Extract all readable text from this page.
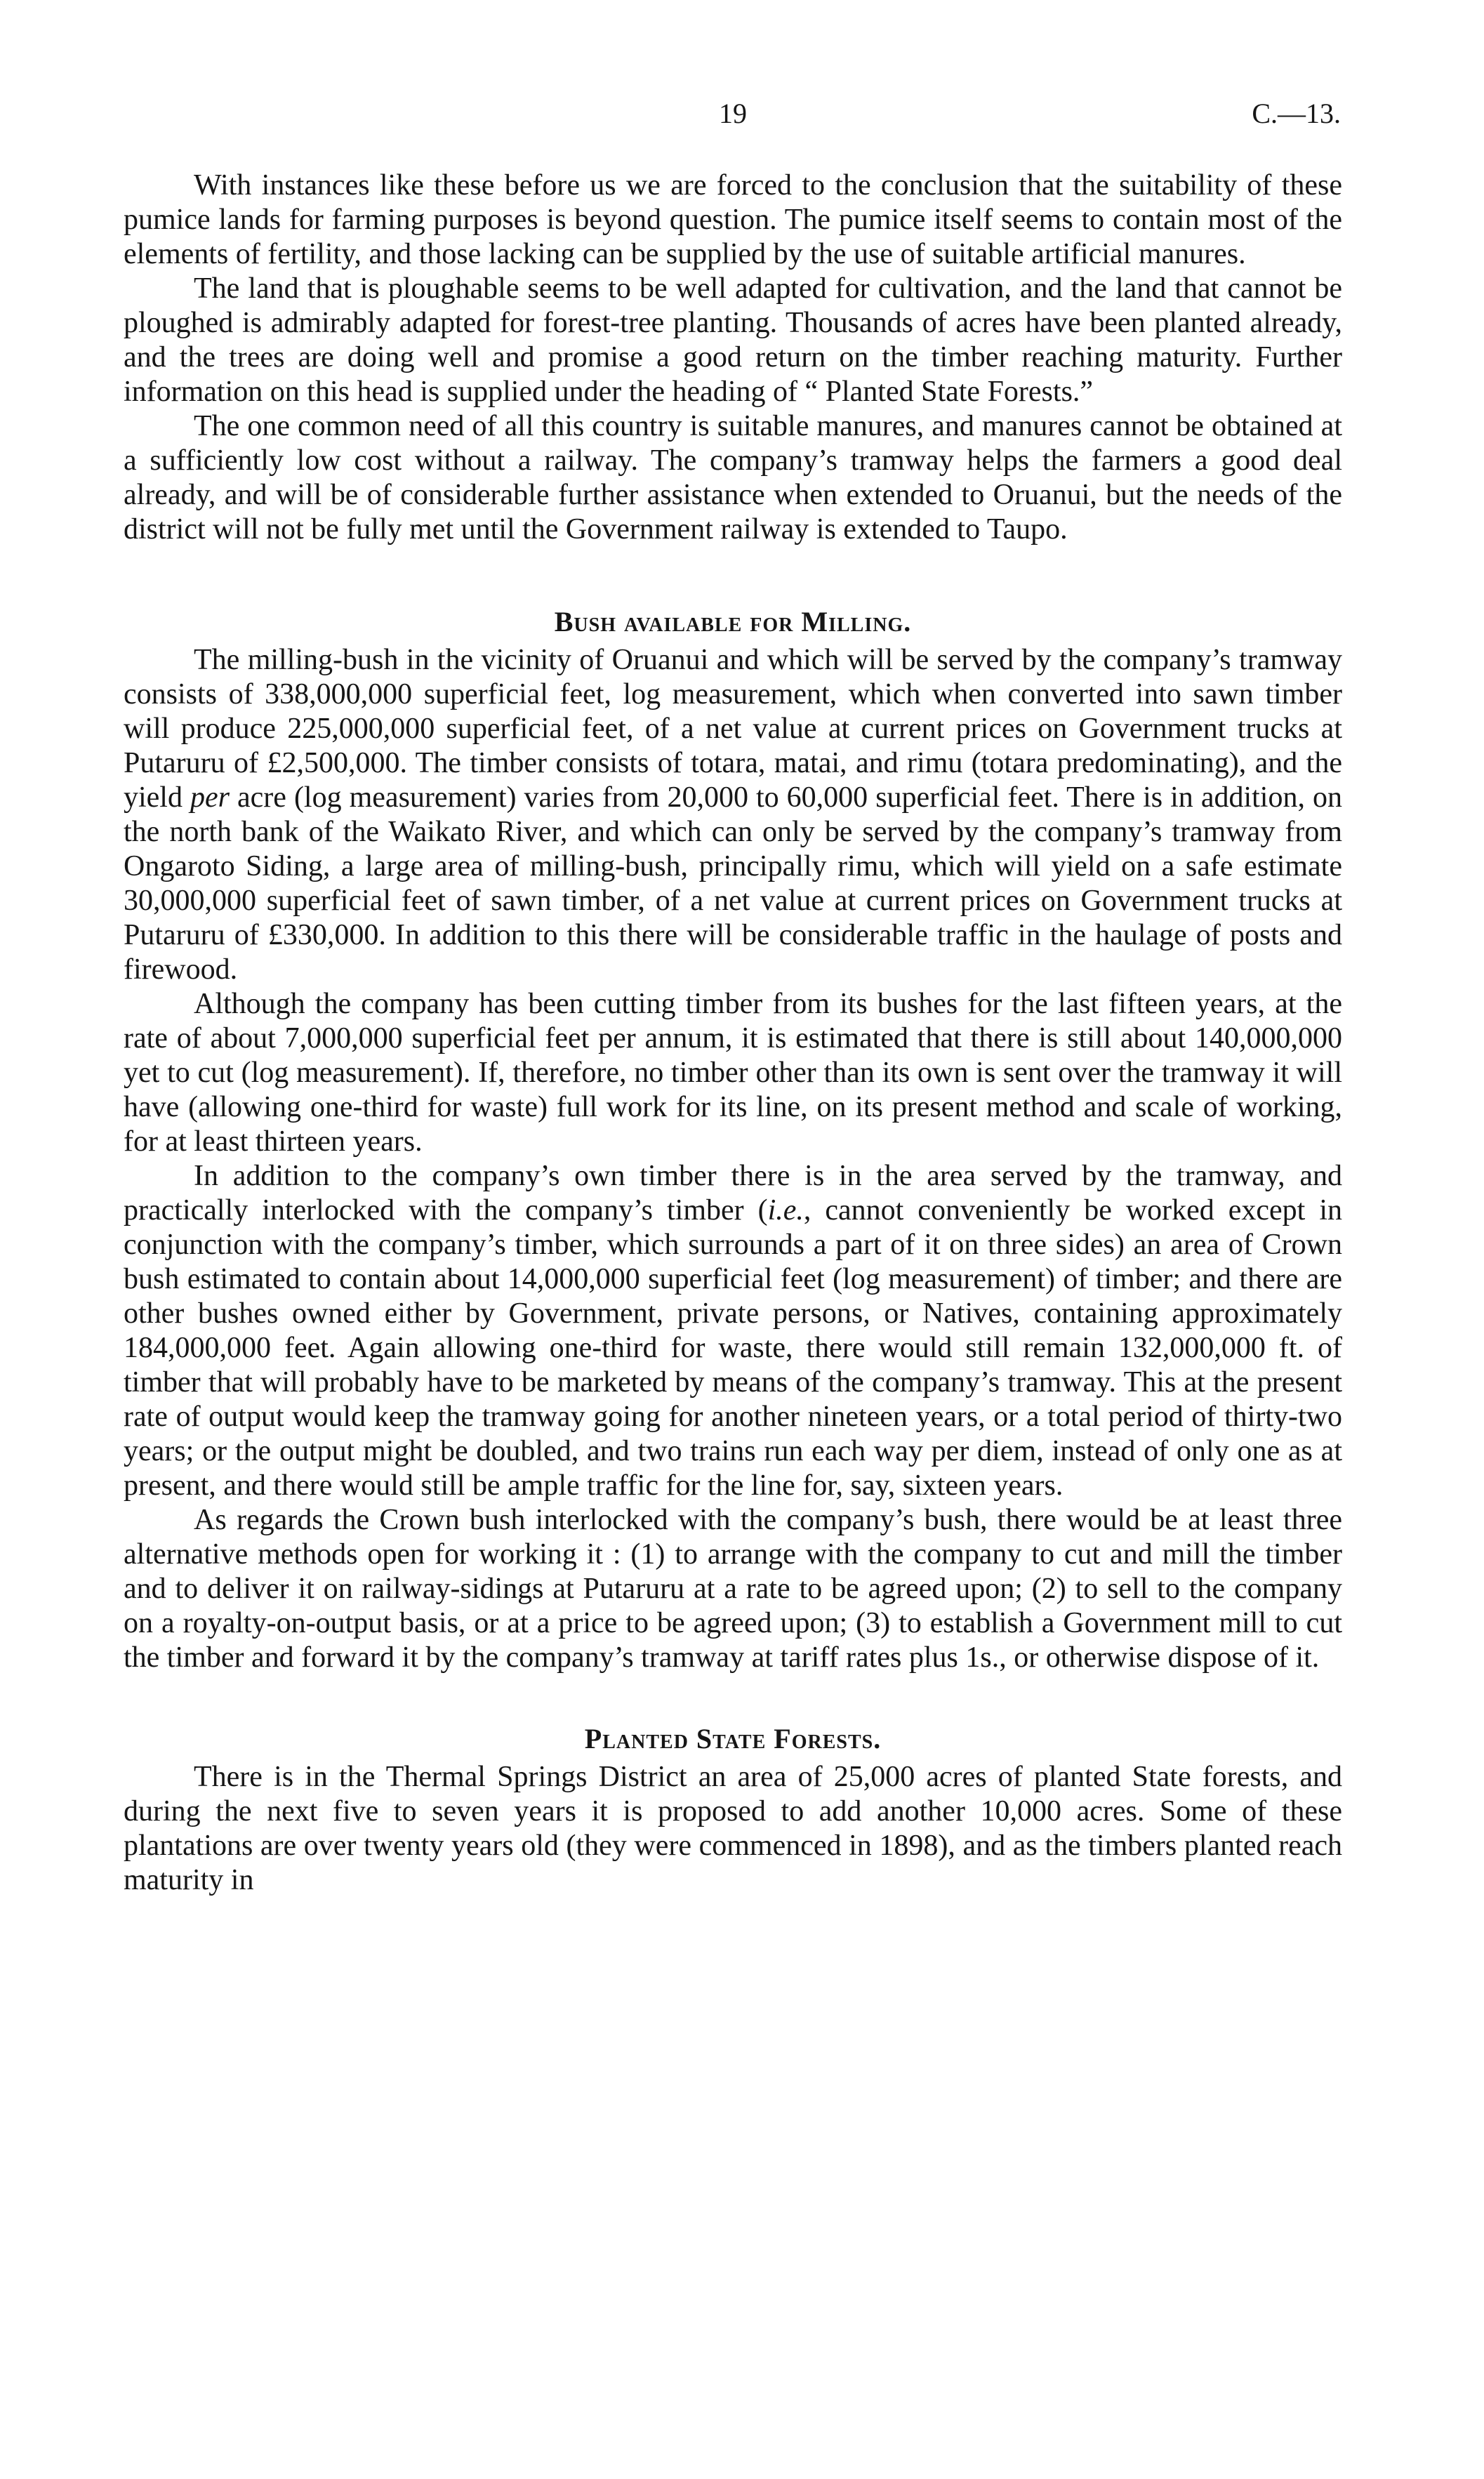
19	C.—13.

With instances like these before us we are forced to the conclusion that the suitability of these pumice lands for farming purposes is beyond question. The pumice itself seems to contain most of the elements of fertility, and those lacking can be supplied by the use of suitable artificial manures.

The land that is ploughable seems to be well adapted for cultivation, and the land that cannot be ploughed is admirably adapted for forest-tree planting. Thousands of acres have been planted already, and the trees are doing well and promise a good return on the timber reaching maturity. Further information on this head is supplied under the heading of “ Planted State Forests.”

The one common need of all this country is suitable manures, and manures cannot be obtained at a sufficiently low cost without a railway. The company’s tramway helps the farmers a good deal already, and will be of considerable further assistance when extended to Oruanui, but the needs of the district will not be fully met until the Government railway is extended to Taupo.

Bush available for Milling.

The milling-bush in the vicinity of Oruanui and which will be served by the company’s tramway consists of 338,000,000 superficial feet, log measurement, which when converted into sawn timber will produce 225,000,000 superficial feet, of a net value at current prices on Government trucks at Putaruru of £2,500,000. The timber consists of totara, matai, and rimu (totara predominating), and the yield per acre (log measurement) varies from 20,000 to 60,000 superficial feet. There is in addition, on the north bank of the Waikato River, and which can only be served by the company’s tramway from Ongaroto Siding, a large area of milling-bush, principally rimu, which will yield on a safe estimate 30,000,000 superficial feet of sawn timber, of a net value at current prices on Government trucks at Putaruru of £330,000. In addition to this there will be considerable traffic in the haulage of posts and firewood.

Although the company has been cutting timber from its bushes for the last fifteen years, at the rate of about 7,000,000 superficial feet per annum, it is estimated that there is still about 140,000,000 yet to cut (log measurement). If, therefore, no timber other than its own is sent over the tramway it will have (allowing one-third for waste) full work for its line, on its present method and scale of working, for at least thirteen years.

In addition to the company’s own timber there is in the area served by the tramway, and practically interlocked with the company’s timber (i.e., cannot conveniently be worked except in conjunction with the company’s timber, which surrounds a part of it on three sides) an area of Crown bush estimated to contain about 14,000,000 superficial feet (log measurement) of timber; and there are other bushes owned either by Government, private persons, or Natives, containing approximately 184,000,000 feet. Again allowing one-third for waste, there would still remain 132,000,000 ft. of timber that will probably have to be marketed by means of the company’s tramway. This at the present rate of output would keep the tramway going for another nineteen years, or a total period of thirty-two years; or the output might be doubled, and two trains run each way per diem, instead of only one as at present, and there would still be ample traffic for the line for, say, sixteen years.

As regards the Crown bush interlocked with the company’s bush, there would be at least three alternative methods open for working it : (1) to arrange with the company to cut and mill the timber and to deliver it on railway-sidings at Putaruru at a rate to be agreed upon; (2) to sell to the company on a royalty-on-output basis, or at a price to be agreed upon; (3) to establish a Government mill to cut the timber and forward it by the company’s tramway at tariff rates plus 1s., or otherwise dispose of it.

Planted State Forests.

There is in the Thermal Springs District an area of 25,000 acres of planted State forests, and during the next five to seven years it is proposed to add another 10,000 acres. Some of these plantations are over twenty years old (they were commenced in 1898), and as the timbers planted reach maturity in
